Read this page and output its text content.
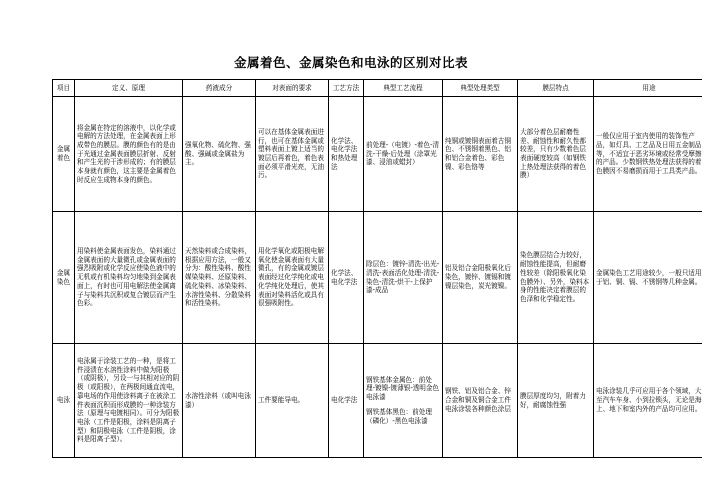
金属着色、金属染色和电泳的区别对比表
项目	定义、原理	药液成分	对表面的要求	工艺方法	典型工艺流程	典型处理类型	膜层特点	用途
金属着色	将金属在特定的溶液中，以化学或电解的方法处理，在金属表面上形成带色的膜层。膜的颜色有的是由于光通过金属表面膜层折射、反射和产生光的干涉形成的；有的膜层本身就有颜色，这主要是金属着色时反应生成物本身的颜色。	强氧化物、硫化物、强酸、强碱或金属盐为主。	可以在基体金属表面进行，也可在基体金属或塑料表面上镀上适当的镀层后再着色，着色表面必须平滑光亮，无油污。	化学法、电化学法和热处理法	前处理-（电镀）-着色-清洗-干燥-后处理（涂罩光漆、浸油或蜡封）	纯铜或镀铜表面着古铜色、不锈钢着黑色、铝和铝合金着色、彩色镍、彩色铬等	大部分着色层耐磨性差、耐蚀性和耐久性都较差，只有少数着色层表面硬度较高（如钢铁上热处理法获得的着色膜）	一般仅应用于室内使用的装饰性产品，如灯具、工艺品及日用五金制品等，不适宜于恶劣环境或经常受摩擦的产品。少数钢铁热处理法获得的着色膜因不易磨损而用于工具类产品。
金属染色	用染料使金属表面发色，染料通过金属表面的大量微孔或金属表面的强烈吸附或化学反应使染色液中的无机或有机染料均匀地染到金属表面上，有时也可用电解法使金属离子与染料共沉积或复合镀层而产生色彩。	天然染料或合成染料，根据应用方法，一般又分为：酸性染料、酸性媒染染料、还原染料、硫化染料、冰染染料、水溶性染料、分散染料和活性染料。	用化学氧化或阳极电解氧化使金属表面有大量微孔，有的金属或镀层表面经过化学纯化或电化学纯化处理后，使其表面对染料活化或具有很强吸附性。	化学法、电化学法	除层色：镀锌-清洗-出光-清洗-表面活化处理-清洗-染色-清洗-烘干-上保护漆-成品	铝及铝合金阳极氧化后染色，镀锌、镀镉和镀镍层染色，炭光镀镍。	染色膜层结合力较好，耐蚀性能提高，但耐磨性较差（除阳极氧化染色膜外）、另外，染料本身的性能决定着膜层的色泽和化学稳定性。	金属染色工艺用途较少，一般只适用于铝、铜、镉、不锈钢等几种金属。
电泳	电泳属于涂装工艺的一种，是将工件浸渍在水溶性涂料中做为阳极（或阴极），另设一与其相对应的阴极（或阳极），在两极间通直流电，靠电场的作用使涂料离子在被涂工件表面沉积而形成膜的一种涂装方法（原理与电镀相同）。可分为阳极电泳（工件是阳极，涂料是阴离子型）和阴极电泳（工件是阴极，涂料是阳离子型）。	水溶性涂料（或叫电泳漆）	工件要能导电。	电化学法	钢铁基体金属色：前处理-镀镍-镀薄银-透明金色电泳漆
钢铁基体黑色：前处理（磷化）-黑色电泳漆	钢铁、铝及铝合金、锌合金和铜及铜合金工件电泳涂装各种颜色涂层	膜层厚度均匀，附着力好，耐腐蚀性强	电泳涂装几乎可应用于各个领域，大至汽车车身、小到拉锁头，无论是海上、地下和室内外的产品均可应用。
